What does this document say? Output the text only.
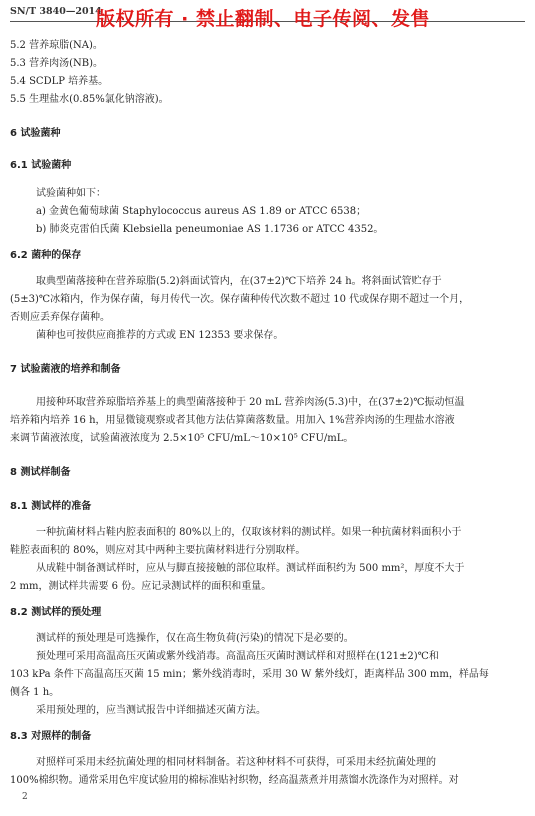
SN/T 3840—2014
版权所有 · 禁止翻制、电子传阅、发售
5.2 营养琼脂(NA)。
5.3 营养肉汤(NB)。
5.4 SCDLP 培养基。
5.5 生理盐水(0.85%氯化钠溶液)。
6 试验菌种
6.1 试验菌种
试验菌种如下：
a) 金黄色葡萄球菌 Staphylococcus aureus AS 1.89 or ATCC 6538；
b) 肺炎克雷伯氏菌 Klebsiella peneumoniae AS 1.1736 or ATCC 4352。
6.2 菌种的保存
取典型菌落接种在营养琼脂(5.2)斜面试管内，在(37±2)℃下培养 24 h。将斜面试管贮存于
(5±3)℃冰箱内，作为保存菌，每月传代一次。保存菌种传代次数不超过 10 代或保存期不超过一个月，
否则应丢弃保存菌种。
菌种也可按供应商推荐的方式或 EN 12353 要求保存。
7 试验菌液的培养和制备
用接种环取营养琼脂培养基上的典型菌落接种于 20 mL 营养肉汤(5.3)中，在(37±2)℃振动恒温
培养箱内培养 16 h，用显微镜观察或者其他方法估算菌落数量。用加入 1%营养肉汤的生理盐水溶液
来调节菌液浓度，试验菌液浓度为 2.5×10⁵ CFU/mL～10×10⁵ CFU/mL。
8 测试样制备
8.1 测试样的准备
一种抗菌材料占鞋内腔表面积的 80%以上的，仅取该材料的测试样。如果一种抗菌材料面积小于
鞋腔表面积的 80%，则应对其中两种主要抗菌材料进行分别取样。
从成鞋中制备测试样时，应从与脚直接接触的部位取样。测试样面积约为 500 mm²，厚度不大于
2 mm，测试样共需要 6 份。应记录测试样的面积和重量。
8.2 测试样的预处理
测试样的预处理是可选操作，仅在高生物负荷(污染)的情况下是必要的。
预处理可采用高温高压灭菌或紫外线消毒。高温高压灭菌时测试样和对照样在(121±2)℃和
103 kPa 条件下高温高压灭菌 15 min；紫外线消毒时，采用 30 W 紫外线灯，距离样品 300 mm，样品每
侧各 1 h。
采用预处理的，应当测试报告中详细描述灭菌方法。
8.3 对照样的制备
对照样可采用未经抗菌处理的相同材料制备。若这种材料不可获得，可采用未经抗菌处理的
100%棉织物。通常采用色牢度试验用的棉标准贴衬织物，经高温蒸煮并用蒸馏水洗涤作为对照样。对
2
